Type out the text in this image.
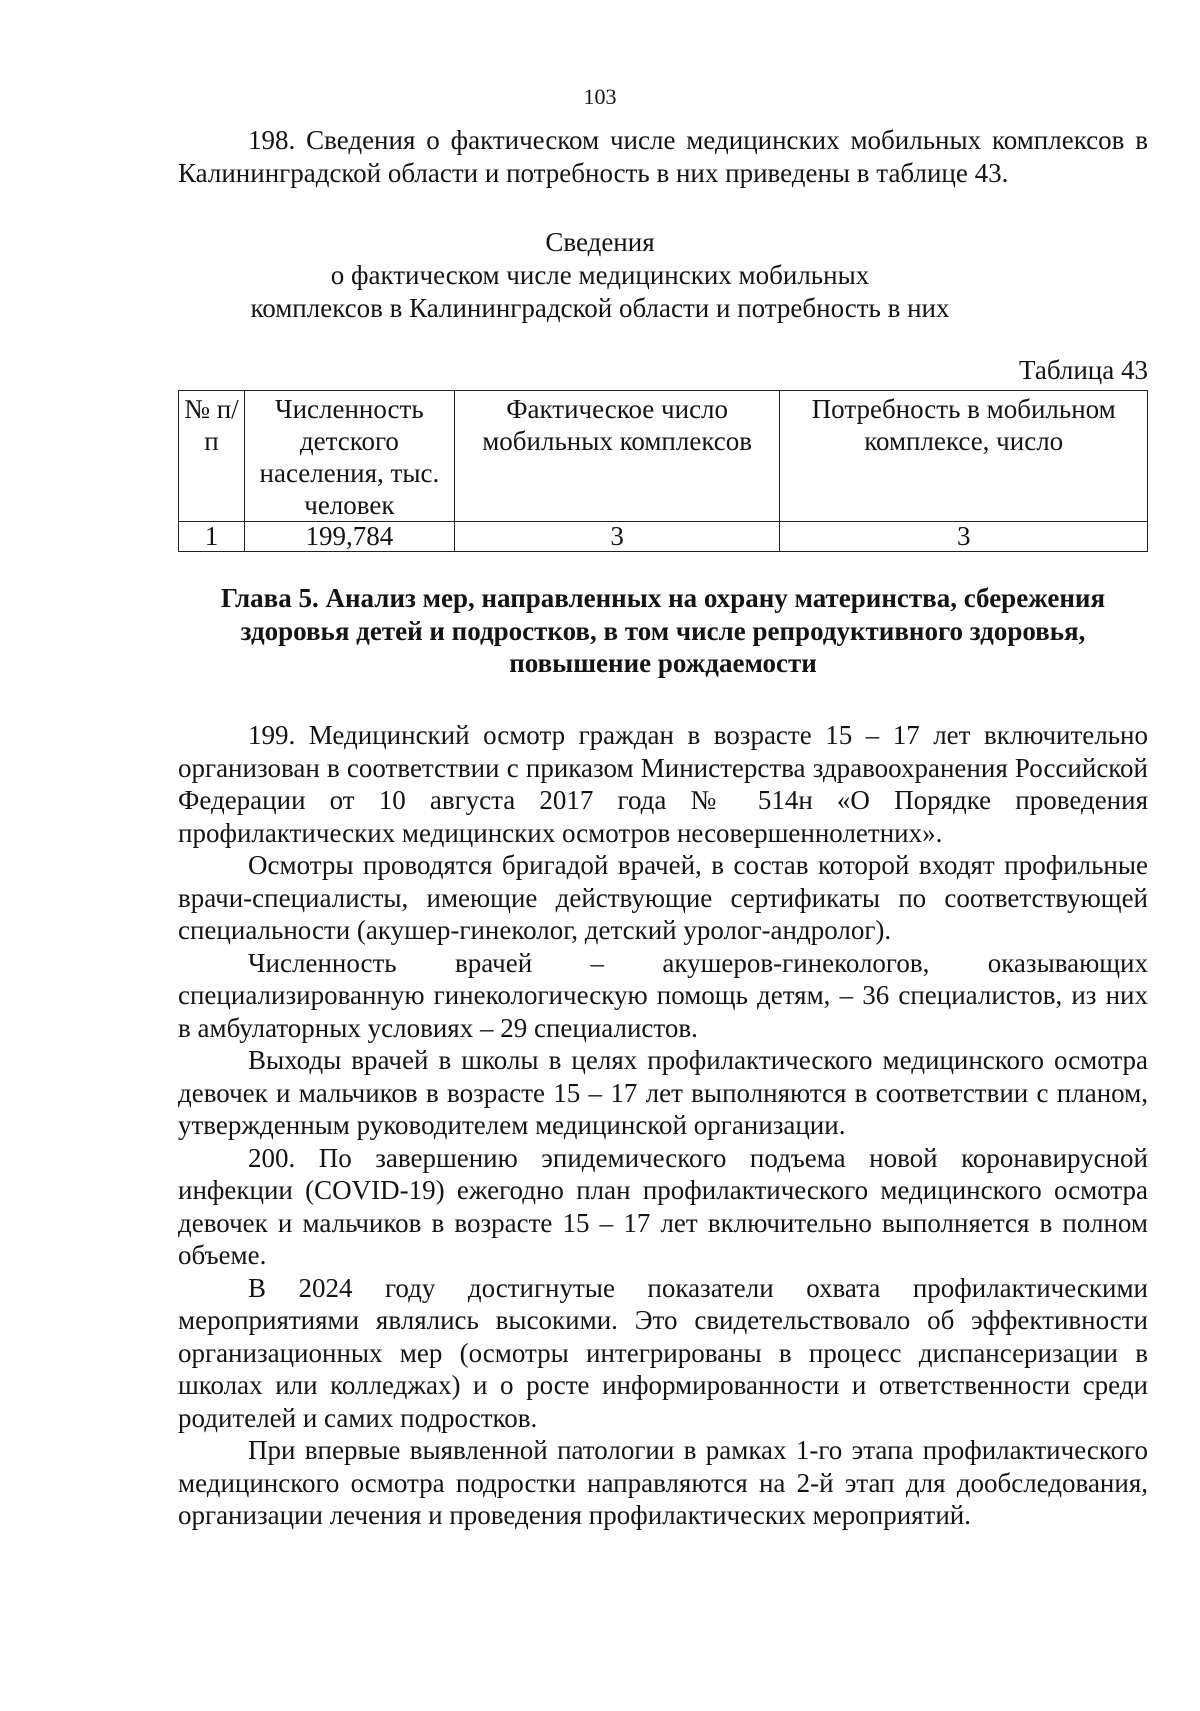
103

198. Сведения о фактическом числе медицинских мобильных комплексов в Калининградской области и потребность в них приведены в таблице 43.

Сведения
о фактическом числе медицинских мобильных
комплексов в Калининградской области и потребность в них
Таблица 43
№ п/п	Численность детского населения, тыс. человек	Фактическое число мобильных комплексов	Потребность в мобильном комплексе, число
1	199,784	3	3
Глава 5. Анализ мер, направленных на охрану материнства, сбережения здоровья детей и подростков, в том числе репродуктивного здоровья, повышение рождаемости

199. Медицинский осмотр граждан в возрасте 15 – 17 лет включительно организован в соответствии с приказом Министерства здравоохранения Российской Федерации от 10 августа 2017 года № 514н «О Порядке проведения профилактических медицинских осмотров несовершеннолетних».

Осмотры проводятся бригадой врачей, в состав которой входят профильные врачи-специалисты, имеющие действующие сертификаты по соответствующей специальности (акушер-гинеколог, детский уролог-андролог).

Численность врачей – акушеров-гинекологов, оказывающих специализированную гинекологическую помощь детям, – 36 специалистов, из них в амбулаторных условиях – 29 специалистов.

Выходы врачей в школы в целях профилактического медицинского осмотра девочек и мальчиков в возрасте 15 – 17 лет выполняются в соответствии с планом, утвержденным руководителем медицинской организации.

200. По завершению эпидемического подъема новой коронавирусной инфекции (COVID-19) ежегодно план профилактического медицинского осмотра девочек и мальчиков в возрасте 15 – 17 лет включительно выполняется в полном объеме.

В 2024 году достигнутые показатели охвата профилактическими мероприятиями являлись высокими. Это свидетельствовало об эффективности организационных мер (осмотры интегрированы в процесс диспансеризации в школах или колледжах) и о росте информированности и ответственности среди родителей и самих подростков.

При впервые выявленной патологии в рамках 1-го этапа профилактического медицинского осмотра подростки направляются на 2-й этап для дообследования, организации лечения и проведения профилактических мероприятий.
